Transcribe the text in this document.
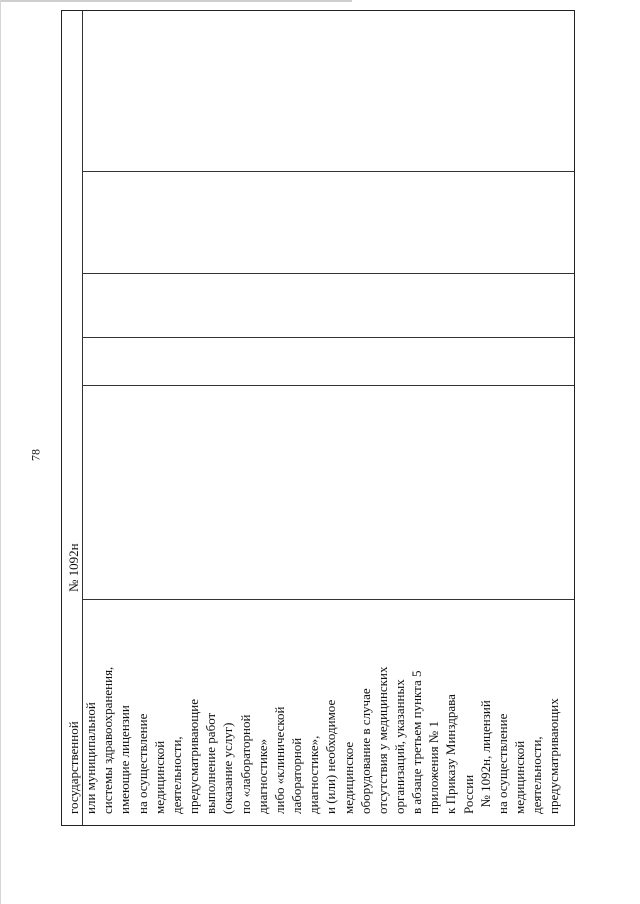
78
государственной или муниципальной системы здравоохранения, имеющие лицензии на осуществление медицинской деятельности, предусматривающие выполнение работ (оказание услуг) по «лабораторной диагностике» либо «клинической лабораторной диагностике», и (или) необходимое медицинское оборудование в случае отсутствия у медицинских организаций, указанных в абзаце третьем пункта 5 приложения № 1 к Приказу Минздрава России № 1092н, лицензий на осуществление медицинской деятельности, предусматривающих
№ 1092н
